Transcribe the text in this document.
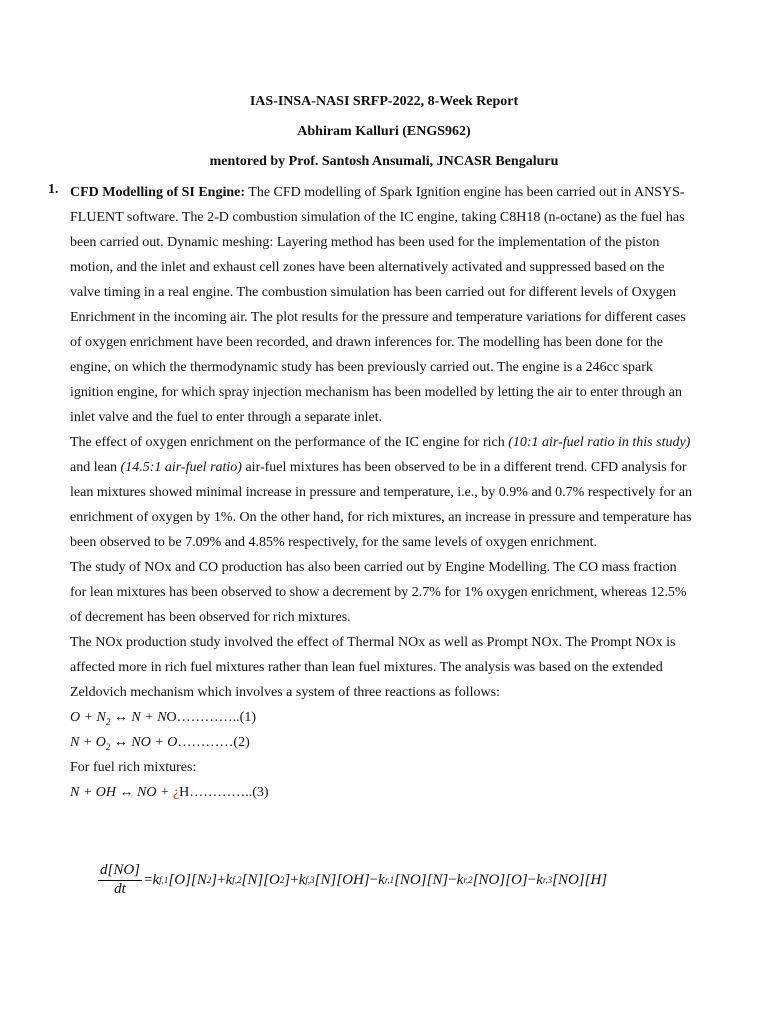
IAS-INSA-NASI SRFP-2022, 8-Week Report
Abhiram Kalluri (ENGS962)
mentored by Prof. Santosh Ansumali, JNCASR Bengaluru
1. CFD Modelling of SI Engine: The CFD modelling of Spark Ignition engine has been carried out in ANSYS-FLUENT software. The 2-D combustion simulation of the IC engine, taking C8H18 (n-octane) as the fuel has been carried out. Dynamic meshing: Layering method has been used for the implementation of the piston motion, and the inlet and exhaust cell zones have been alternatively activated and suppressed based on the valve timing in a real engine. The combustion simulation has been carried out for different levels of Oxygen Enrichment in the incoming air. The plot results for the pressure and temperature variations for different cases of oxygen enrichment have been recorded, and drawn inferences for. The modelling has been done for the engine, on which the thermodynamic study has been previously carried out. The engine is a 246cc spark ignition engine, for which spray injection mechanism has been modelled by letting the air to enter through an inlet valve and the fuel to enter through a separate inlet.

The effect of oxygen enrichment on the performance of the IC engine for rich (10:1 air-fuel ratio in this study) and lean (14.5:1 air-fuel ratio) air-fuel mixtures has been observed to be in a different trend. CFD analysis for lean mixtures showed minimal increase in pressure and temperature, i.e., by 0.9% and 0.7% respectively for an enrichment of oxygen by 1%. On the other hand, for rich mixtures, an increase in pressure and temperature has been observed to be 7.09% and 4.85% respectively, for the same levels of oxygen enrichment.

The study of NOx and CO production has also been carried out by Engine Modelling. The CO mass fraction for lean mixtures has been observed to show a decrement by 2.7% for 1% oxygen enrichment, whereas 12.5% of decrement has been observed for rich mixtures.

The NOx production study involved the effect of Thermal NOx as well as Prompt NOx. The Prompt NOx is affected more in rich fuel mixtures rather than lean fuel mixtures. The analysis was based on the extended Zeldovich mechanism which involves a system of three reactions as follows:

$O + N_2$ ↔ N + NO…………..(1)

$N + O_2$ ↔ NO + O…………(2)

For fuel rich mixtures:

N + OH ↔ NO + ¿H…………..(3)

$\frac{d[NO]}{dt} = k$ f,1 [O][N 2 ] + k f,2 [N][O 2 ] + k f,3 [N][OH] − k r,1 [NO][N] − k r,2 [NO][O] − k r,3 [NO][H]
